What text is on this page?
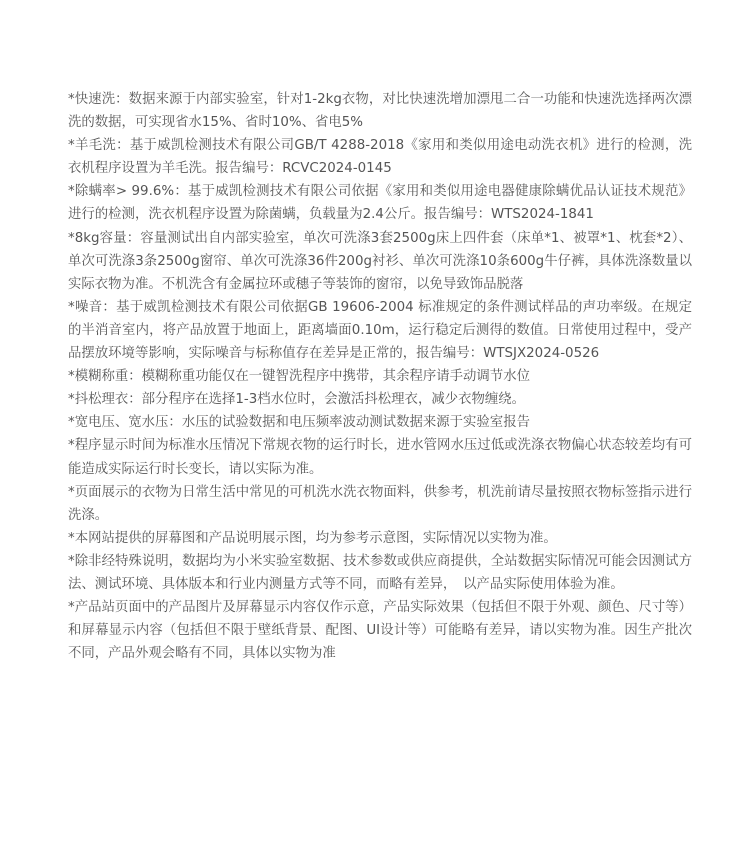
*快速洗：数据来源于内部实验室，针对1-2kg衣物，对比快速洗增加漂甩二合一功能和快速洗选择两次漂洗的数据，可实现省水15%、省时10%、省电5%
*羊毛洗：基于威凯检测技术有限公司GB/T 4288-2018《家用和类似用途电动洗衣机》进行的检测，洗衣机程序设置为羊毛洗。报告编号：RCVC2024-0145
*除螨率> 99.6%：基于威凯检测技术有限公司依据《家用和类似用途电器健康除螨优品认证技术规范》进行的检测，洗衣机程序设置为除菌螨，负载量为2.4公斤。报告编号：WTS2024-1841
*8kg容量：容量测试出自内部实验室，单次可洗涤3套2500g床上四件套（床单*1、被罩*1、枕套*2）、单次可洗涤3条2500g窗帘、单次可洗涤36件200g衬衫、单次可洗涤10条600g牛仔裤，具体洗涤数量以实际衣物为准。不机洗含有金属拉环或穗子等装饰的窗帘，以免导致饰品脱落
*噪音：基于威凯检测技术有限公司依据GB 19606-2004 标准规定的条件测试样品的声功率级。在规定的半消音室内，将产品放置于地面上，距离墙面0.10m，运行稳定后测得的数值。日常使用过程中，受产品摆放环境等影响，实际噪音与标称值存在差异是正常的，报告编号：WTSJX2024-0526
*模糊称重：模糊称重功能仅在一键智洗程序中携带，其余程序请手动调节水位
*抖松理衣：部分程序在选择1-3档水位时，会激活抖松理衣，减少衣物缠绕。
*宽电压、宽水压：水压的试验数据和电压频率波动测试数据来源于实验室报告
*程序显示时间为标准水压情况下常规衣物的运行时长，进水管网水压过低或洗涤衣物偏心状态较差均有可能造成实际运行时长变长，请以实际为准。
*页面展示的衣物为日常生活中常见的可机洗水洗衣物面料，供参考，机洗前请尽量按照衣物标签指示进行洗涤。
*本网站提供的屏幕图和产品说明展示图，均为参考示意图，实际情况以实物为准。
*除非经特殊说明，数据均为小米实验室数据、技术参数或供应商提供，全站数据实际情况可能会因测试方法、测试环境、具体版本和行业内测量方式等不同，而略有差异，　以产品实际使用体验为准。
*产品站页面中的产品图片及屏幕显示内容仅作示意，产品实际效果（包括但不限于外观、颜色、尺寸等）和屏幕显示内容（包括但不限于壁纸背景、配图、UI设计等）可能略有差异，请以实物为准。因生产批次不同，产品外观会略有不同，具体以实物为准
